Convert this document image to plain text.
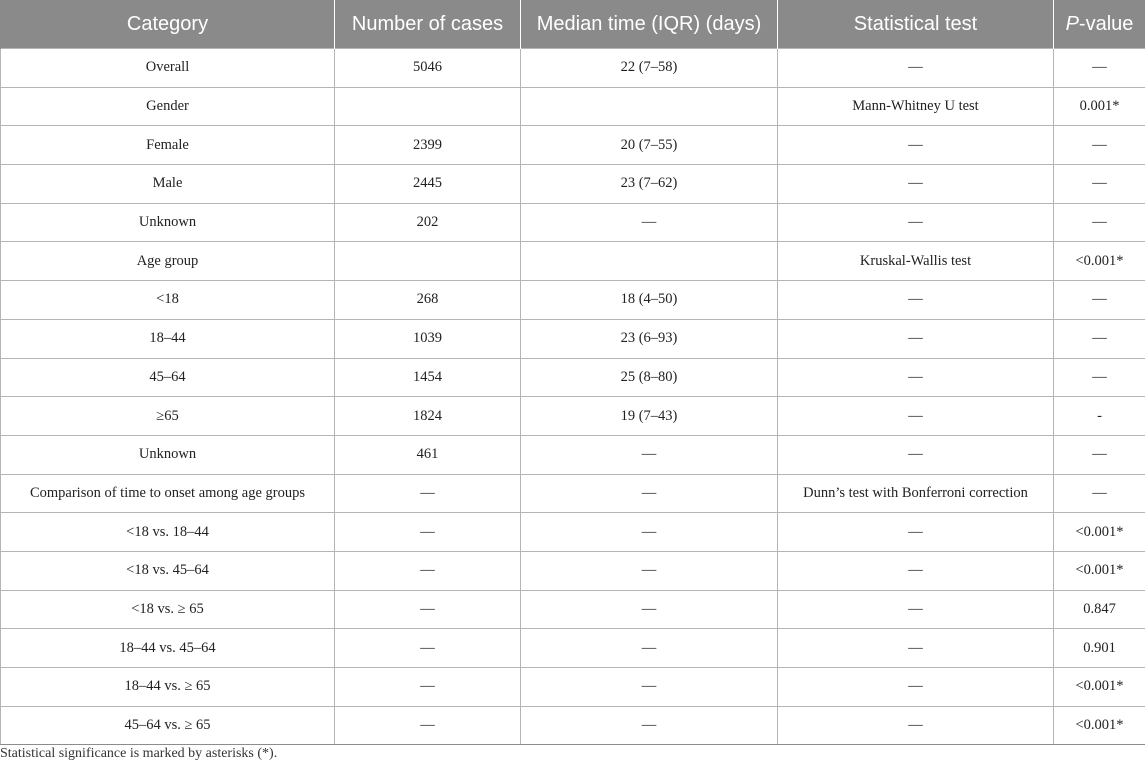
Category	Number of cases	Median time (IQR) (days)	Statistical test	P-value
Overall	5046	22 (7–58)	—	—
Gender			Mann-Whitney U test	0.001*
Female	2399	20 (7–55)	—	—
Male	2445	23 (7–62)	—	—
Unknown	202	—	—	—
Age group			Kruskal-Wallis test	<0.001*
<18	268	18 (4–50)	—	—
18–44	1039	23 (6–93)	—	—
45–64	1454	25 (8–80)	—	—
≥65	1824	19 (7–43)	—	-
Unknown	461	—	—	—
Comparison of time to onset among age groups	—	—	Dunn’s test with Bonferroni correction	—
<18 vs. 18–44	—	—	—	<0.001*
<18 vs. 45–64	—	—	—	<0.001*
<18 vs. ≥ 65	—	—	—	0.847
18–44 vs. 45–64	—	—	—	0.901
18–44 vs. ≥ 65	—	—	—	<0.001*
45–64 vs. ≥ 65	—	—	—	<0.001*
Statistical significance is marked by asterisks (*).
